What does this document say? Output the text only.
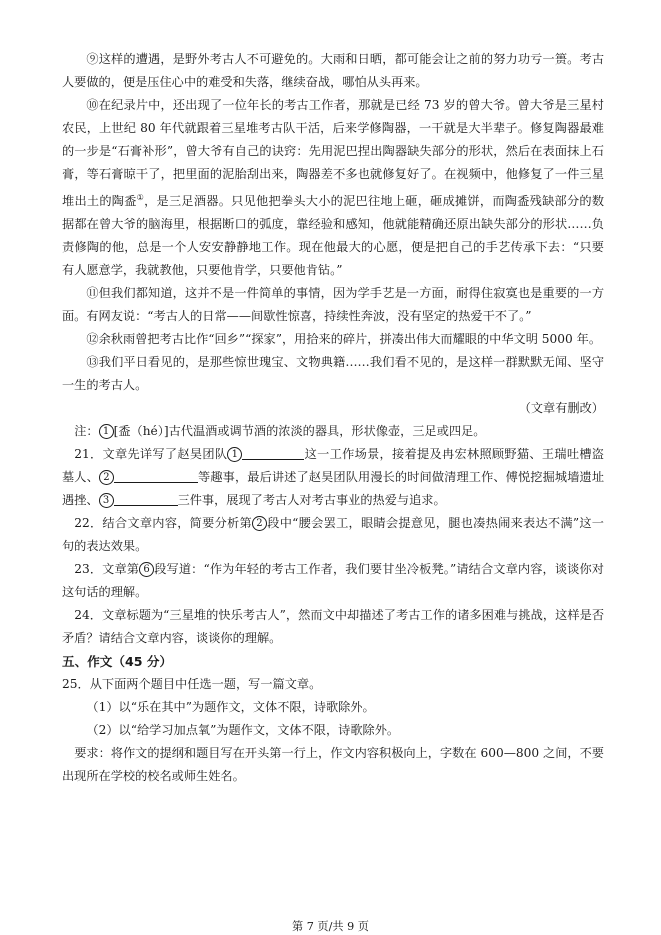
⑨这样的遭遇，是野外考古人不可避免的。大雨和日晒，都可能会让之前的努力功亏一篑。考古人要做的，便是压住心中的难受和失落，继续奋战，哪怕从头再来。

⑩在纪录片中，还出现了一位年长的考古工作者，那就是已经 73 岁的曾大爷。曾大爷是三星村农民，上世纪 80 年代就跟着三星堆考古队干活，后来学修陶器，一干就是大半辈子。修复陶器最难的一步是“石膏补形”，曾大爷有自己的诀窍：先用泥巴捏出陶器缺失部分的形状，然后在表面抹上石膏，等石膏晾干了，把里面的泥胎刮出来，陶器差不多也就修复好了。在视频中，他修复了一件三星堆出土的陶盉①，是三足酒器。只见他把拳头大小的泥巴往地上砸，砸成摊饼，而陶盉残缺部分的数据都在曾大爷的脑海里，根据断口的弧度，靠经验和感知，他就能精确还原出缺失部分的形状……负责修陶的他，总是一个人安安静静地工作。现在他最大的心愿，便是把自己的手艺传承下去：“只要有人愿意学，我就教他，只要他肯学，只要他肯钻。”

⑪但我们都知道，这并不是一件简单的事情，因为学手艺是一方面，耐得住寂寞也是重要的一方面。有网友说：“考古人的日常——间歇性惊喜，持续性奔波，没有坚定的热爱干不了。”

⑫余秋雨曾把考古比作“回乡”“探家”，用拾来的碎片，拼凑出伟大而耀眼的中华文明 5000 年。

⑬我们平日看见的，是那些惊世瑰宝、文物典籍……我们看不见的，是这样一群默默无闻、坚守一生的考古人。

（文章有删改）

注： 1 [盉（hé）]古代温酒或调节酒的浓淡的器具，形状像壶，三足或四足。

21．文章先详写了赵昊团队 1	这一工作场景，接着提及冉宏林照顾野猫、王瑞吐槽盗墓人、 2	等趣事，最后讲述了赵昊团队用漫长的时间做清理工作、傅悦挖掘城墙遗址遇挫、 3	三件事，展现了考古人对考古事业的热爱与追求。

22．结合文章内容，简要分析第 2 段中“腰会罢工，眼睛会提意见，腿也凑热闹来表达不满”这一句的表达效果。

23．文章第 6 段写道：“作为年轻的考古工作者，我们要甘坐冷板凳。”请结合文章内容，谈谈你对这句话的理解。

24．文章标题为“三星堆的快乐考古人”，然而文中却描述了考古工作的诸多困难与挑战，这样是否矛盾？请结合文章内容，谈谈你的理解。

五、作文（45 分）

25．从下面两个题目中任选一题，写一篇文章。

（1）以“乐在其中”为题作文，文体不限，诗歌除外。

（2）以“给学习加点氧”为题作文，文体不限，诗歌除外。

要求：将作文的提纲和题目写在开头第一行上，作文内容积极向上，字数在 600—800 之间，不要出现所在学校的校名或师生姓名。

第 7 页/共 9 页
